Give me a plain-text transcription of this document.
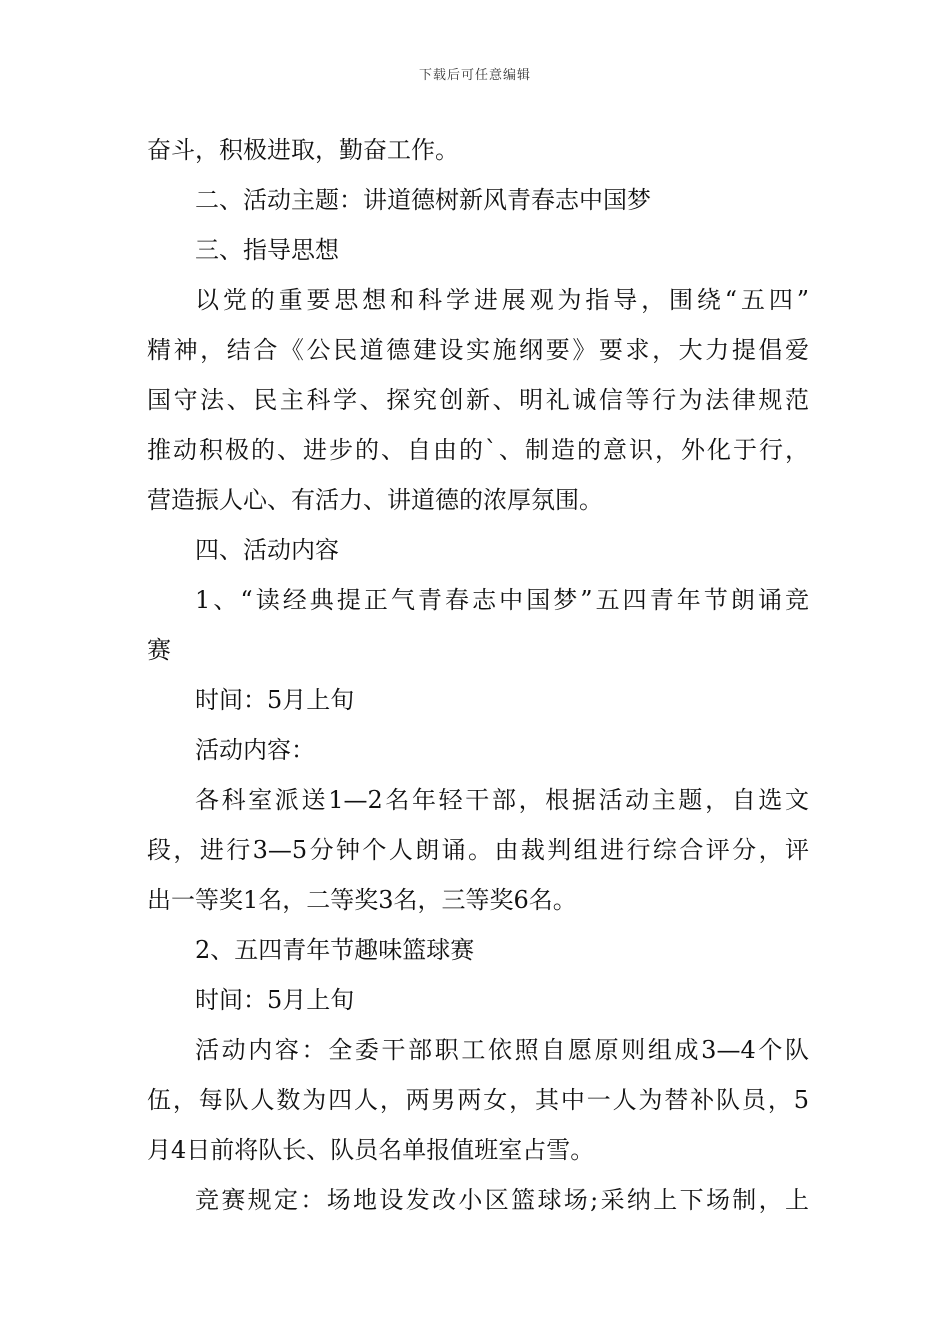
下载后可任意编辑
奋斗，积极进取，勤奋工作。
二、活动主题：讲道德树新风青春志中国梦
三、指导思想
以党的重要思想和科学进展观为指导，围绕“五四”
精神，结合《公民道德建设实施纲要》要求，大力提倡爱
国守法、民主科学、探究创新、明礼诚信等行为法律规范
推动积极的、进步的、自由的`、制造的意识，外化于行，
营造振人心、有活力、讲道德的浓厚氛围。
四、活动内容
1、“读经典提正气青春志中国梦”五四青年节朗诵竞
赛
时间：5月上旬
活动内容：
各科室派送1—2名年轻干部，根据活动主题，自选文
段，进行3—5分钟个人朗诵。由裁判组进行综合评分，评
出一等奖1名，二等奖3名，三等奖6名。
2、五四青年节趣味篮球赛
时间：5月上旬
活动内容：全委干部职工依照自愿原则组成3—4个队
伍，每队人数为四人，两男两女，其中一人为替补队员，5
月4日前将队长、队员名单报值班室占雪。
竞赛规定：场地设发改小区篮球场;采纳上下场制，上
